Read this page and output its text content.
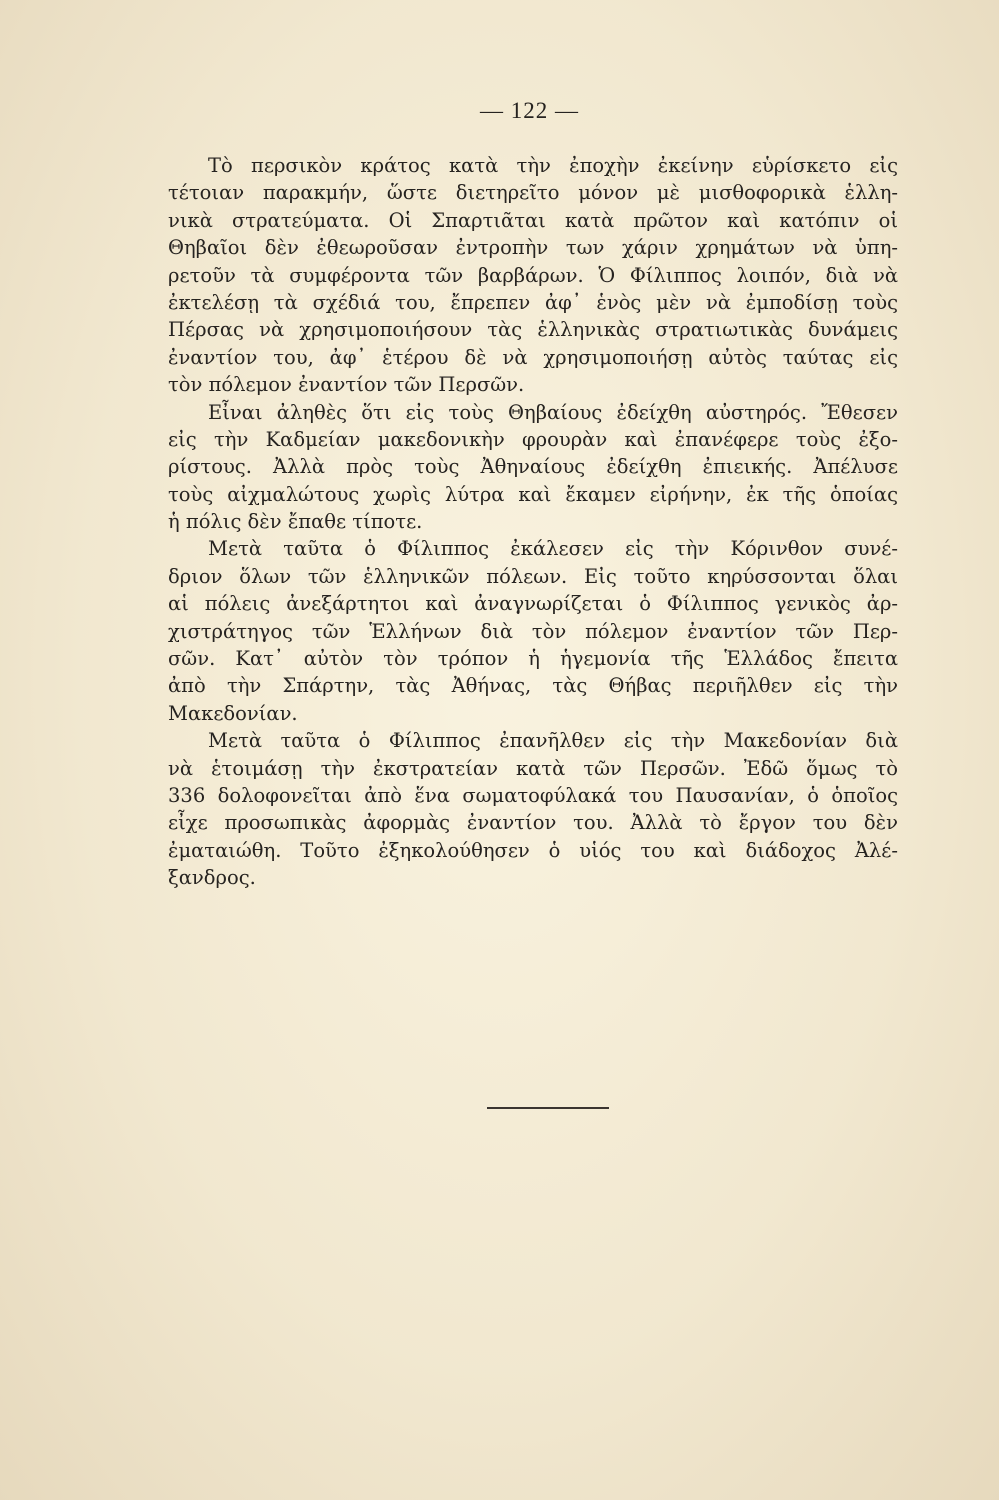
— 122 —
Τὸ περσικὸν κράτος κατὰ τὴν ἐποχὴν ἐκείνην εὑρίσκετο εἰς
τέτοιαν παρακμήν, ὥστε διετηρεῖτο μόνον μὲ μισθοφορικὰ ἑλλη-
νικὰ στρατεύματα. Οἱ Σπαρτιᾶται κατὰ πρῶτον καὶ κατόπιν οἱ
Θηβαῖοι δὲν ἐθεωροῦσαν ἐντροπὴν των χάριν χρημάτων νὰ ὑπη-
ρετοῦν τὰ συμφέροντα τῶν βαρβάρων. Ὁ Φίλιππος λοιπόν, διὰ νὰ
ἐκτελέσῃ τὰ σχέδιά του, ἔπρεπεν ἀφ᾽ ἑνὸς μὲν νὰ ἐμποδίσῃ τοὺς
Πέρσας νὰ χρησιμοποιήσουν τὰς ἑλληνικὰς στρατιωτικὰς δυνάμεις
ἐναντίον του, ἀφ᾽ ἑτέρου δὲ νὰ χρησιμοποιήσῃ αὐτὸς ταύτας εἰς
τὸν πόλεμον ἐναντίον τῶν Περσῶν.
Εἶναι ἀληθὲς ὅτι εἰς τοὺς Θηβαίους ἐδείχθη αὐστηρός. Ἔθεσεν
εἰς τὴν Καδμείαν μακεδονικὴν φρουρὰν καὶ ἐπανέφερε τοὺς ἐξο-
ρίστους. Ἀλλὰ πρὸς τοὺς Ἀθηναίους ἐδείχθη ἐπιεικής. Ἀπέλυσε
τοὺς αἰχμαλώτους χωρὶς λύτρα καὶ ἔκαμεν εἰρήνην, ἐκ τῆς ὁποίας
ἡ πόλις δὲν ἔπαθε τίποτε.
Μετὰ ταῦτα ὁ Φίλιππος ἐκάλεσεν εἰς τὴν Κόρινθον συνέ-
δριον ὅλων τῶν ἑλληνικῶν πόλεων. Εἰς τοῦτο κηρύσσονται ὅλαι
αἱ πόλεις ἀνεξάρτητοι καὶ ἀναγνωρίζεται ὁ Φίλιππος γενικὸς ἀρ-
χιστράτηγος τῶν Ἑλλήνων διὰ τὸν πόλεμον ἐναντίον τῶν Περ-
σῶν. Κατ᾽ αὐτὸν τὸν τρόπον ἡ ἡγεμονία τῆς Ἑλλάδος ἔπειτα
ἀπὸ τὴν Σπάρτην, τὰς Ἀθήνας, τὰς Θήβας περιῆλθεν εἰς τὴν
Μακεδονίαν.
Μετὰ ταῦτα ὁ Φίλιππος ἐπανῆλθεν εἰς τὴν Μακεδονίαν διὰ
νὰ ἑτοιμάσῃ τὴν ἐκστρατείαν κατὰ τῶν Περσῶν. Ἐδῶ ὅμως τὸ
336 δολοφονεῖται ἀπὸ ἕνα σωματοφύλακά του Παυσανίαν, ὁ ὁποῖος
εἶχε προσωπικὰς ἀφορμὰς ἐναντίον του. Ἀλλὰ τὸ ἔργον του δὲν
ἐματαιώθη. Τοῦτο ἐξηκολούθησεν ὁ υἱός του καὶ διάδοχος Ἀλέ-
ξανδρος.
